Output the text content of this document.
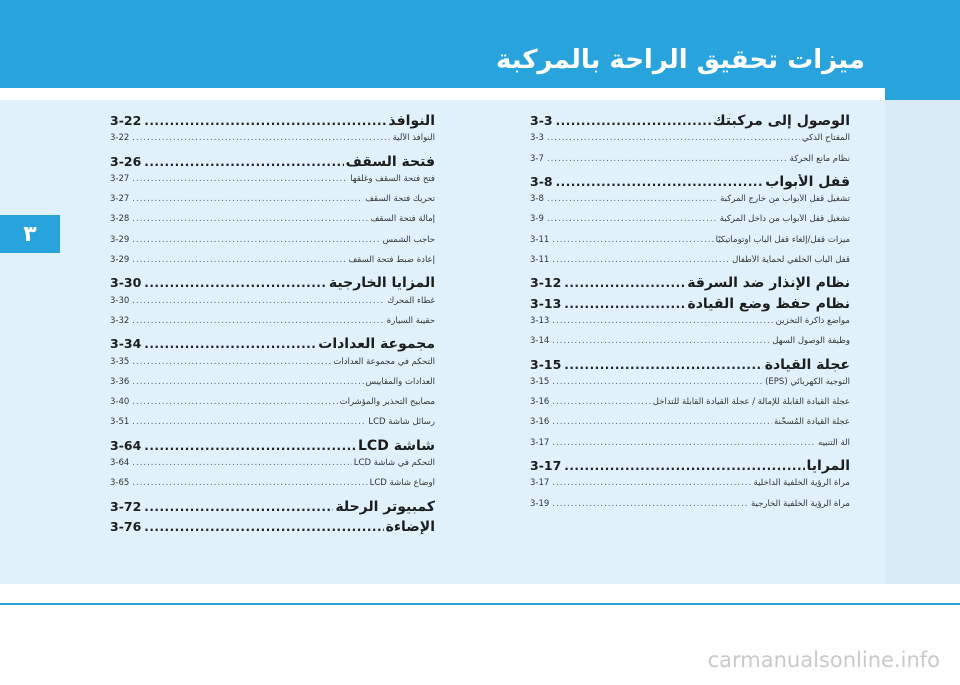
ميزات تحقيق الراحة بالمركبة
٣
3-22 .....	النوافذ
3-22 .....	النوافذ الآلية
3-26 .....	فتحة السقف
3-27 .....	فتح فتحة السقف وغلقها
3-27 .....	تحريك فتحة السقف
3-28 .....	إمالة فتحة السقف
3-29 .....	حاجب الشمس
3-29 .....	إعادة ضبط فتحة السقف
3-30 .....	المزايا الخارجية
3-30 .....	غطاء المحرك
3-32 .....	حقيبة السيارة
3-34 .....	مجموعة العدادات
3-35 .....	التحكم في مجموعة العدادات
3-36 .....	العدادات والمقاييس
3-40 .....	مصابيح التحذير والمؤشرات
3-51 .....	رسائل شاشة LCD
3-64 .....	شاشة LCD
3-64 .....	التحكم في شاشة LCD
3-65 .....	أوضاع شاشة LCD
3-72 .....	كمبيوتر الرحلة
3-76 .....	الإضاءة
3-3 .....	الوصول إلى مركبتك
3-3 .....	المفتاح الذكي
3-7 .....	نظام مانع الحركة
3-8 .....	قفل الأبواب
3-8 .....	تشغيل قفل الأبواب من خارج المركبة
3-9 .....	تشغيل قفل الأبواب من داخل المركبة
3-11 .....	ميزات قفل/إلغاء قفل الباب أوتوماتيكيًا
3-11 .....	قفل الباب الخلفي لحماية الأطفال
3-12 .....	نظام الإنذار ضد السرقة
3-13 .....	نظام حفظ وضع القيادة
3-13 .....	مواضع ذاكرة التخزين
3-14 .....	وظيفة الوصول السهل
3-15 .....	عجلة القيادة
3-15 .....	التوجيه الكهربائي (EPS)
3-16 .....	عجلة القيادة القابلة للإمالة / عجلة القيادة القابلة للتداخل
3-16 .....	عجلة القيادة المُسخّنة
3-17 .....	آلة التنبيه
3-17 .....	المرايا
3-17 .....	مرآة الرؤية الخلفية الداخلية
3-19 .....	مرآة الرؤية الخلفية الخارجية
carmanualsonline.info
